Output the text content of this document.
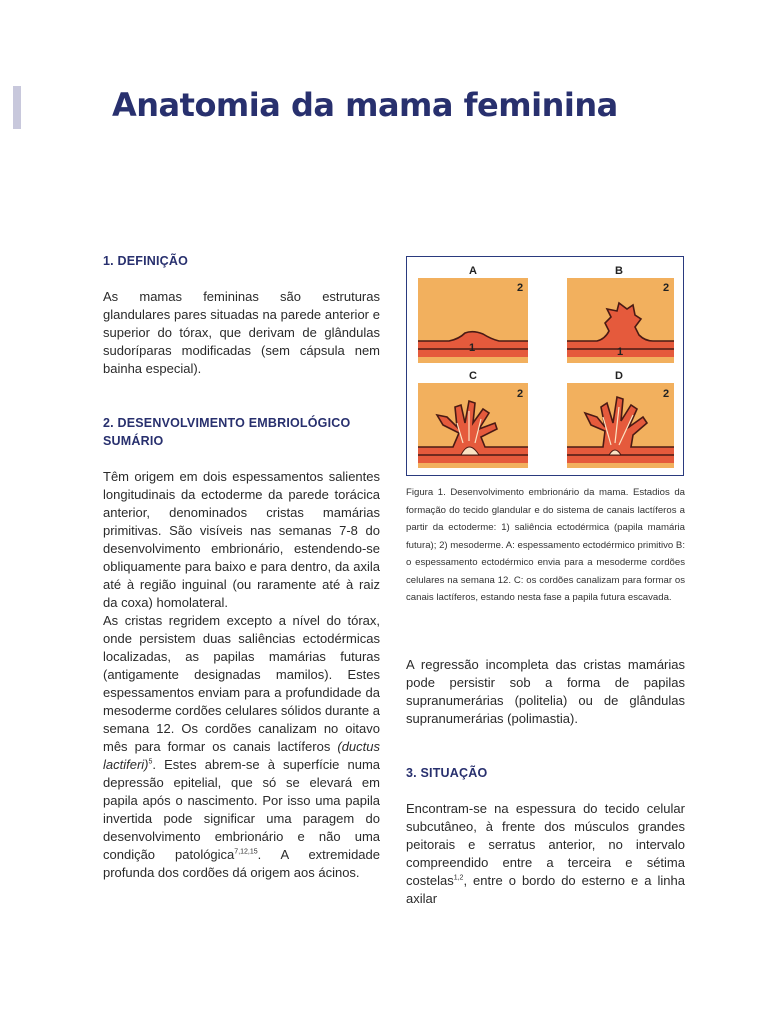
Anatomia da mama feminina
1. DEFINIÇÃO

As mamas femininas são estruturas glandulares pares situadas na parede anterior e superior do tórax, que derivam de glândulas sudoríparas modificadas (sem cápsula nem bainha especial).

2. DESENVOLVIMENTO EMBRIOLÓGICO SUMÁRIO

Têm origem em dois espessamentos salientes longitudinais da ectoderme da parede torácica anterior, denominados cristas mamárias primitivas. São visíveis nas semanas 7-8 do desenvolvimento embrionário, estendendo-se obliquamente para baixo e para dentro, da axila até à região inguinal (ou raramente até à raiz da coxa) homolateral.

As cristas regridem excepto a nível do tórax, onde persistem duas saliências ectodérmicas localizadas, as papilas mamárias futuras (antigamente designadas mamilos). Estes espessamentos enviam para a profundidade da mesoderme cordões celulares sólidos durante a semana 12. Os cordões canalizam no oitavo mês para formar os canais lactíferos (ductus lactiferi)$^5$. Estes abrem-se à superfície numa depressão epitelial, que só se elevará em papila após o nascimento. Por isso uma papila invertida pode significar uma paragem do desenvolvimento embrionário e não uma condição patológica$^{7,12,15}$. A extremidade profunda dos cordões dá origem aos ácinos.

A
2
1
B
2
1
C
2
D
2
Figura 1. Desenvolvimento embrionário da mama. Estadios da formação do tecido glandular e do sistema de canais lactíferos a partir da ectoderme: 1) saliência ectodérmica (papila mamária futura); 2) mesoderme. A: espessamento ectodérmico primitivo B: o espessamento ectodérmico envia para a mesoderme cordões celulares na semana 12. C: os cordões canalizam para formar os canais lactíferos, estando nesta fase a papila futura escavada.

A regressão incompleta das cristas mamárias pode persistir sob a forma de papilas supranumerárias (politelia) ou de glândulas supranumerárias (polimastia).

3. SITUAÇÃO

Encontram-se na espessura do tecido celular subcutâneo, à frente dos músculos grandes peitorais e serratus anterior, no intervalo compreendido entre a terceira e sétima costelas$^{1,2}$, entre o bordo do esterno e a linha axilar
